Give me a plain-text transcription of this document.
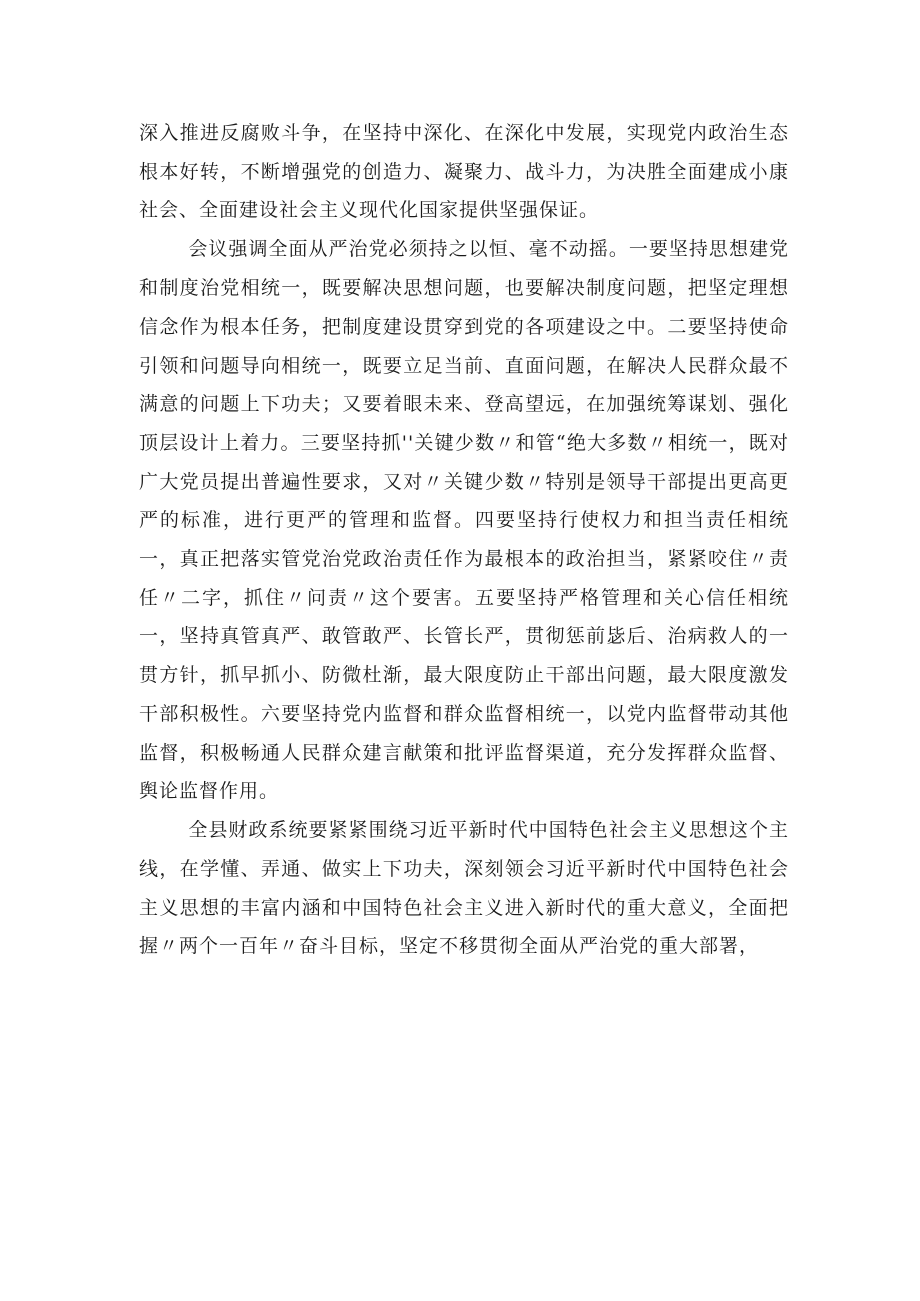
深入推进反腐败斗争，在坚持中深化、在深化中发展，实现党内政治生态根本好转，不断增强党的创造力、凝聚力、战斗力，为决胜全面建成小康社会、全面建设社会主义现代化国家提供坚强保证。

会议强调全面从严治党必须持之以恒、毫不动摇。一要坚持思想建党和制度治党相统一，既要解决思想问题，也要解决制度问题，把坚定理想信念作为根本任务，把制度建设贯穿到党的各项建设之中。二要坚持使命引领和问题导向相统一，既要立足当前、直面问题，在解决人民群众最不满意的问题上下功夫；又要着眼未来、登高望远，在加强统筹谋划、强化顶层设计上着力。三要坚持抓''关键少数〃和管“绝大多数〃相统一，既对广大党员提出普遍性要求，又对〃关键少数〃特别是领导干部提出更高更严的标准，进行更严的管理和监督。四要坚持行使权力和担当责任相统一，真正把落实管党治党政治责任作为最根本的政治担当，紧紧咬住〃责任〃二字，抓住〃问责〃这个要害。五要坚持严格管理和关心信任相统一，坚持真管真严、敢管敢严、长管长严，贯彻惩前毖后、治病救人的一贯方针，抓早抓小、防微杜渐，最大限度防止干部出问题，最大限度激发干部积极性。六要坚持党内监督和群众监督相统一，以党内监督带动其他监督，积极畅通人民群众建言献策和批评监督渠道，充分发挥群众监督、舆论监督作用。

全县财政系统要紧紧围绕习近平新时代中国特色社会主义思想这个主线，在学懂、弄通、做实上下功夫，深刻领会习近平新时代中国特色社会主义思想的丰富内涵和中国特色社会主义进入新时代的重大意义，全面把握〃两个一百年〃奋斗目标，坚定不移贯彻全面从严治党的重大部署，
